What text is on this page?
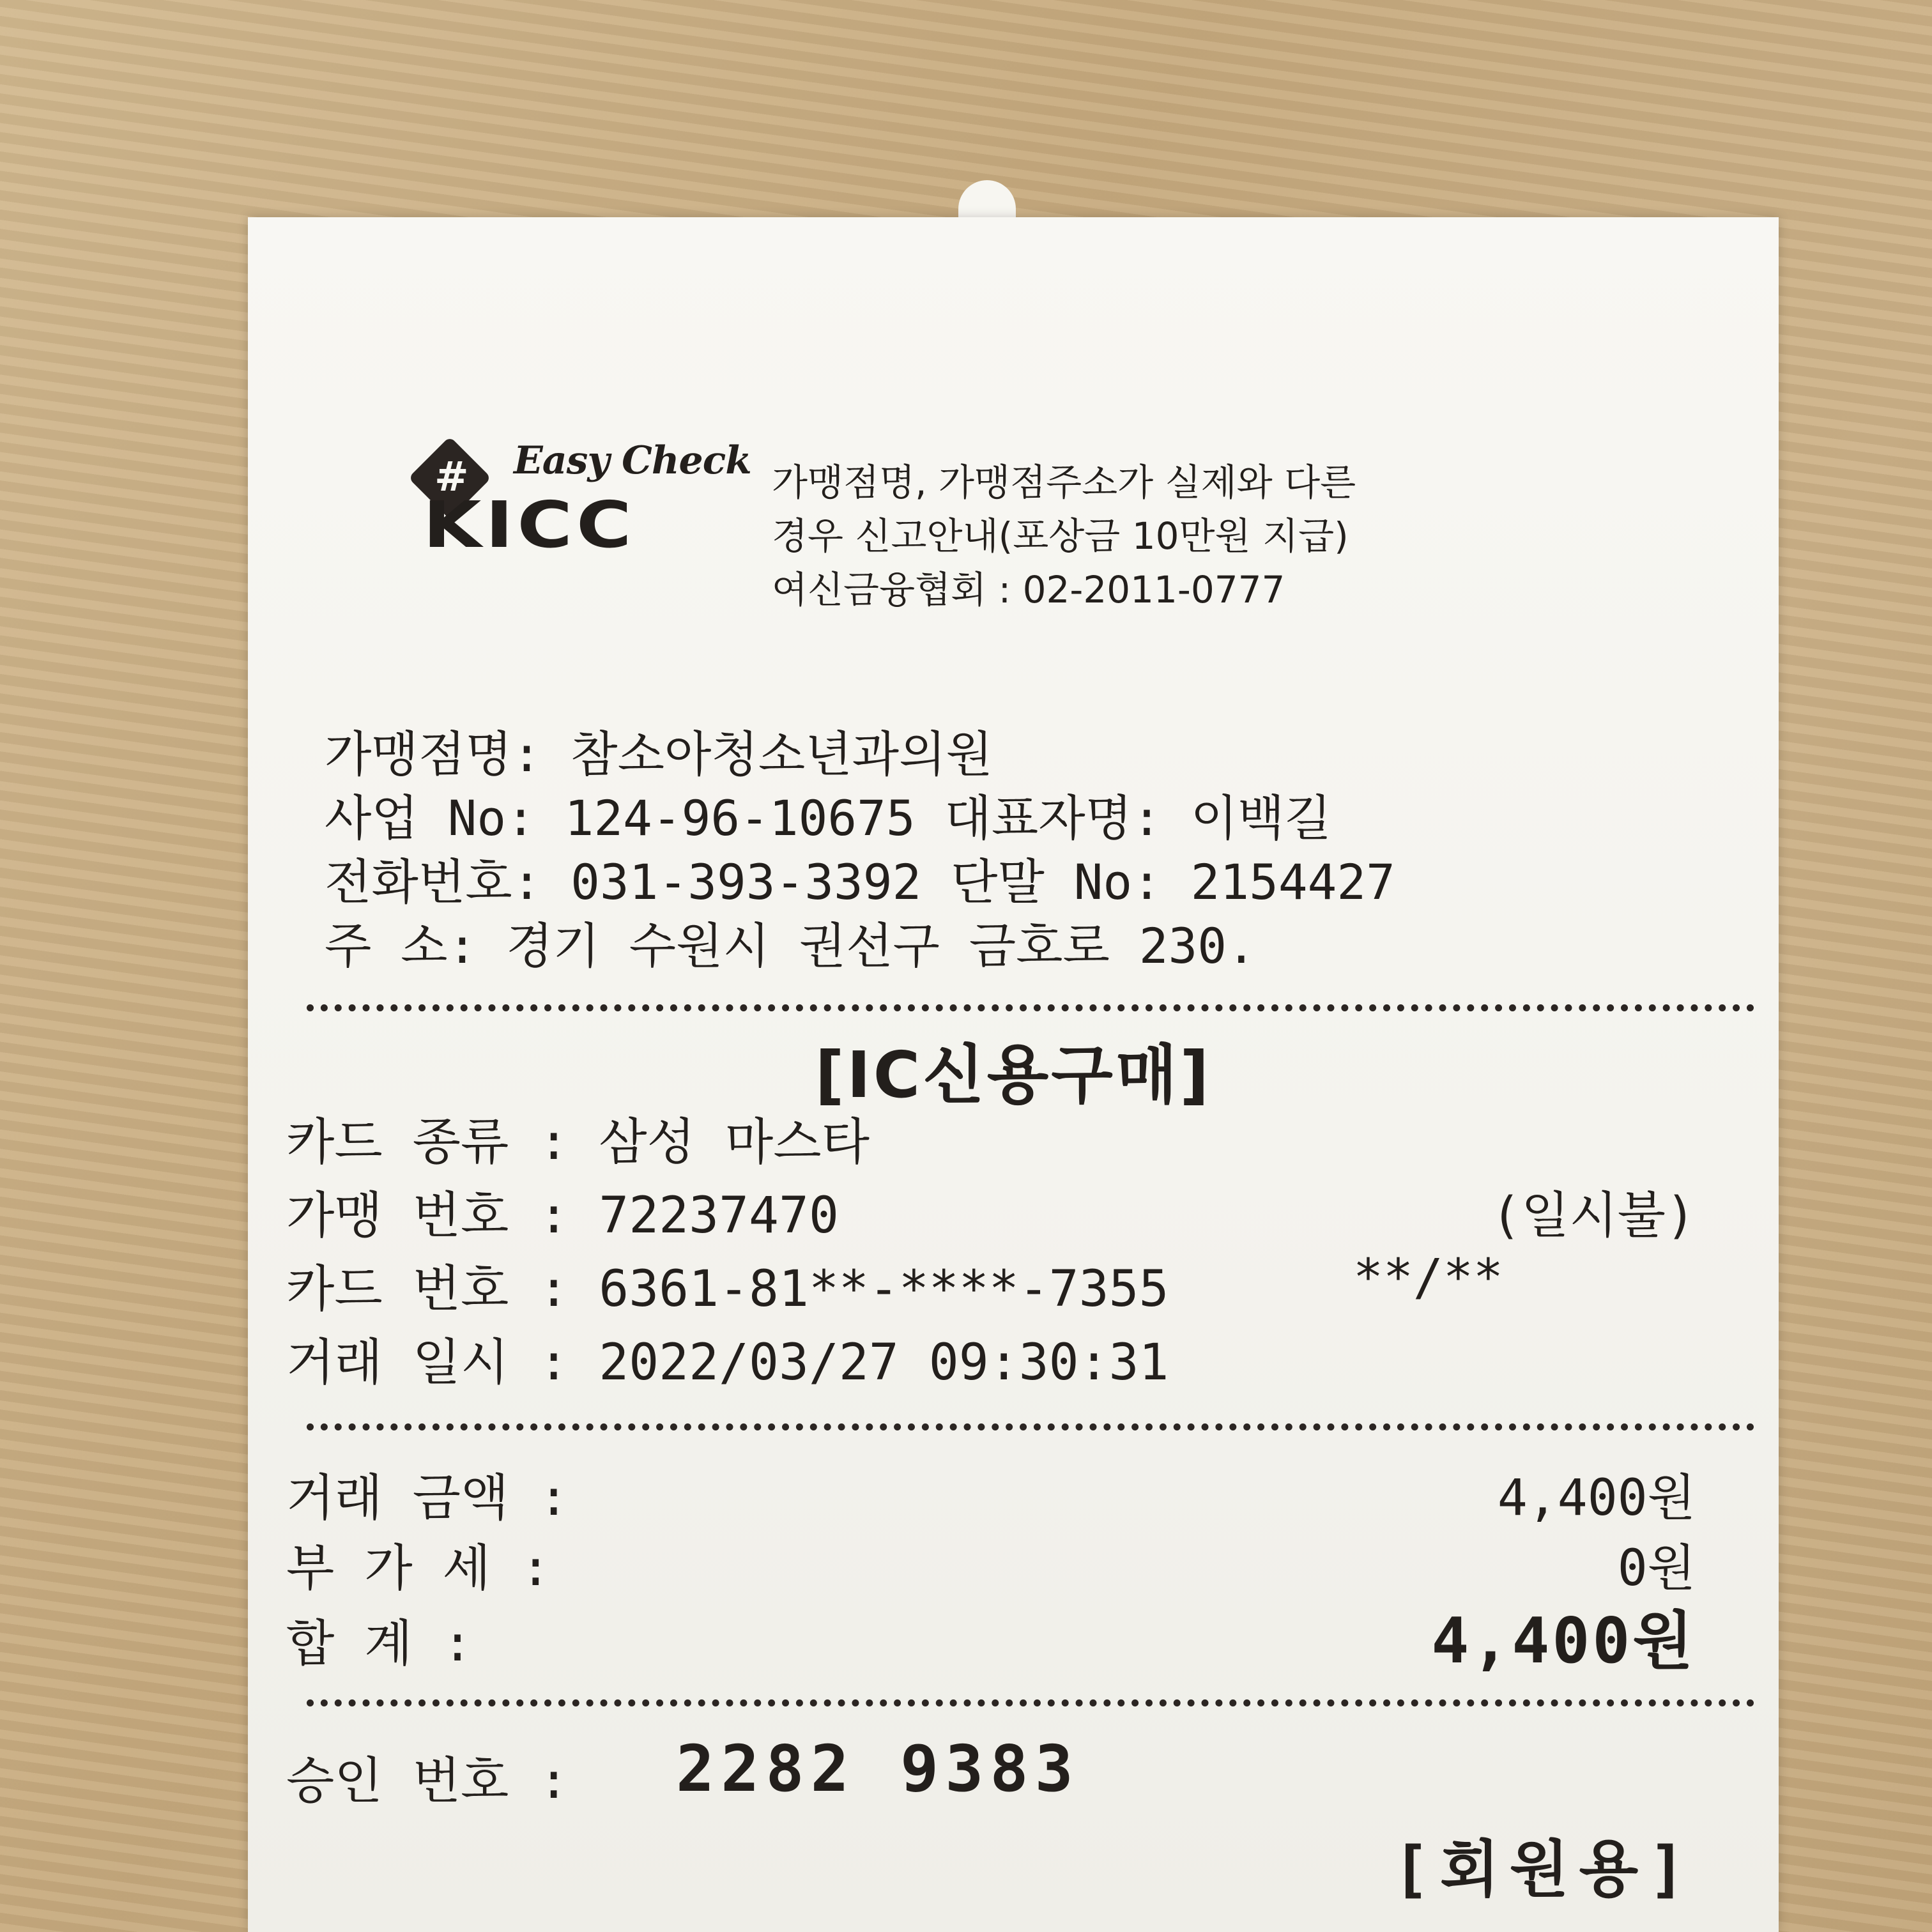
# Easy Check
KICC
가맹점명, 가맹점주소가 실제와 다른
경우 신고안내(포상금 10만원 지급)
여신금융협회 : 02-2011-0777
가맹점명: 참소아청소년과의원
사업 No: 124-96-10675 대표자명: 이백길
전화번호: 031-393-3392 단말 No: 2154427
주 소: 경기 수원시 권선구 금호로 230.
[IC신용구매]
카드 종류 : 삼성 마스타
가맹 번호 : 72237470	(일시불)
카드 번호 : 6361-81**-****-7355	**/**
거래 일시 : 2022/03/27 09:30:31
거래 금액 :	4,400원
부 가 세 :	0원
합 계 :	4,400원
승인 번호 : 2282 9383
[회원용]
